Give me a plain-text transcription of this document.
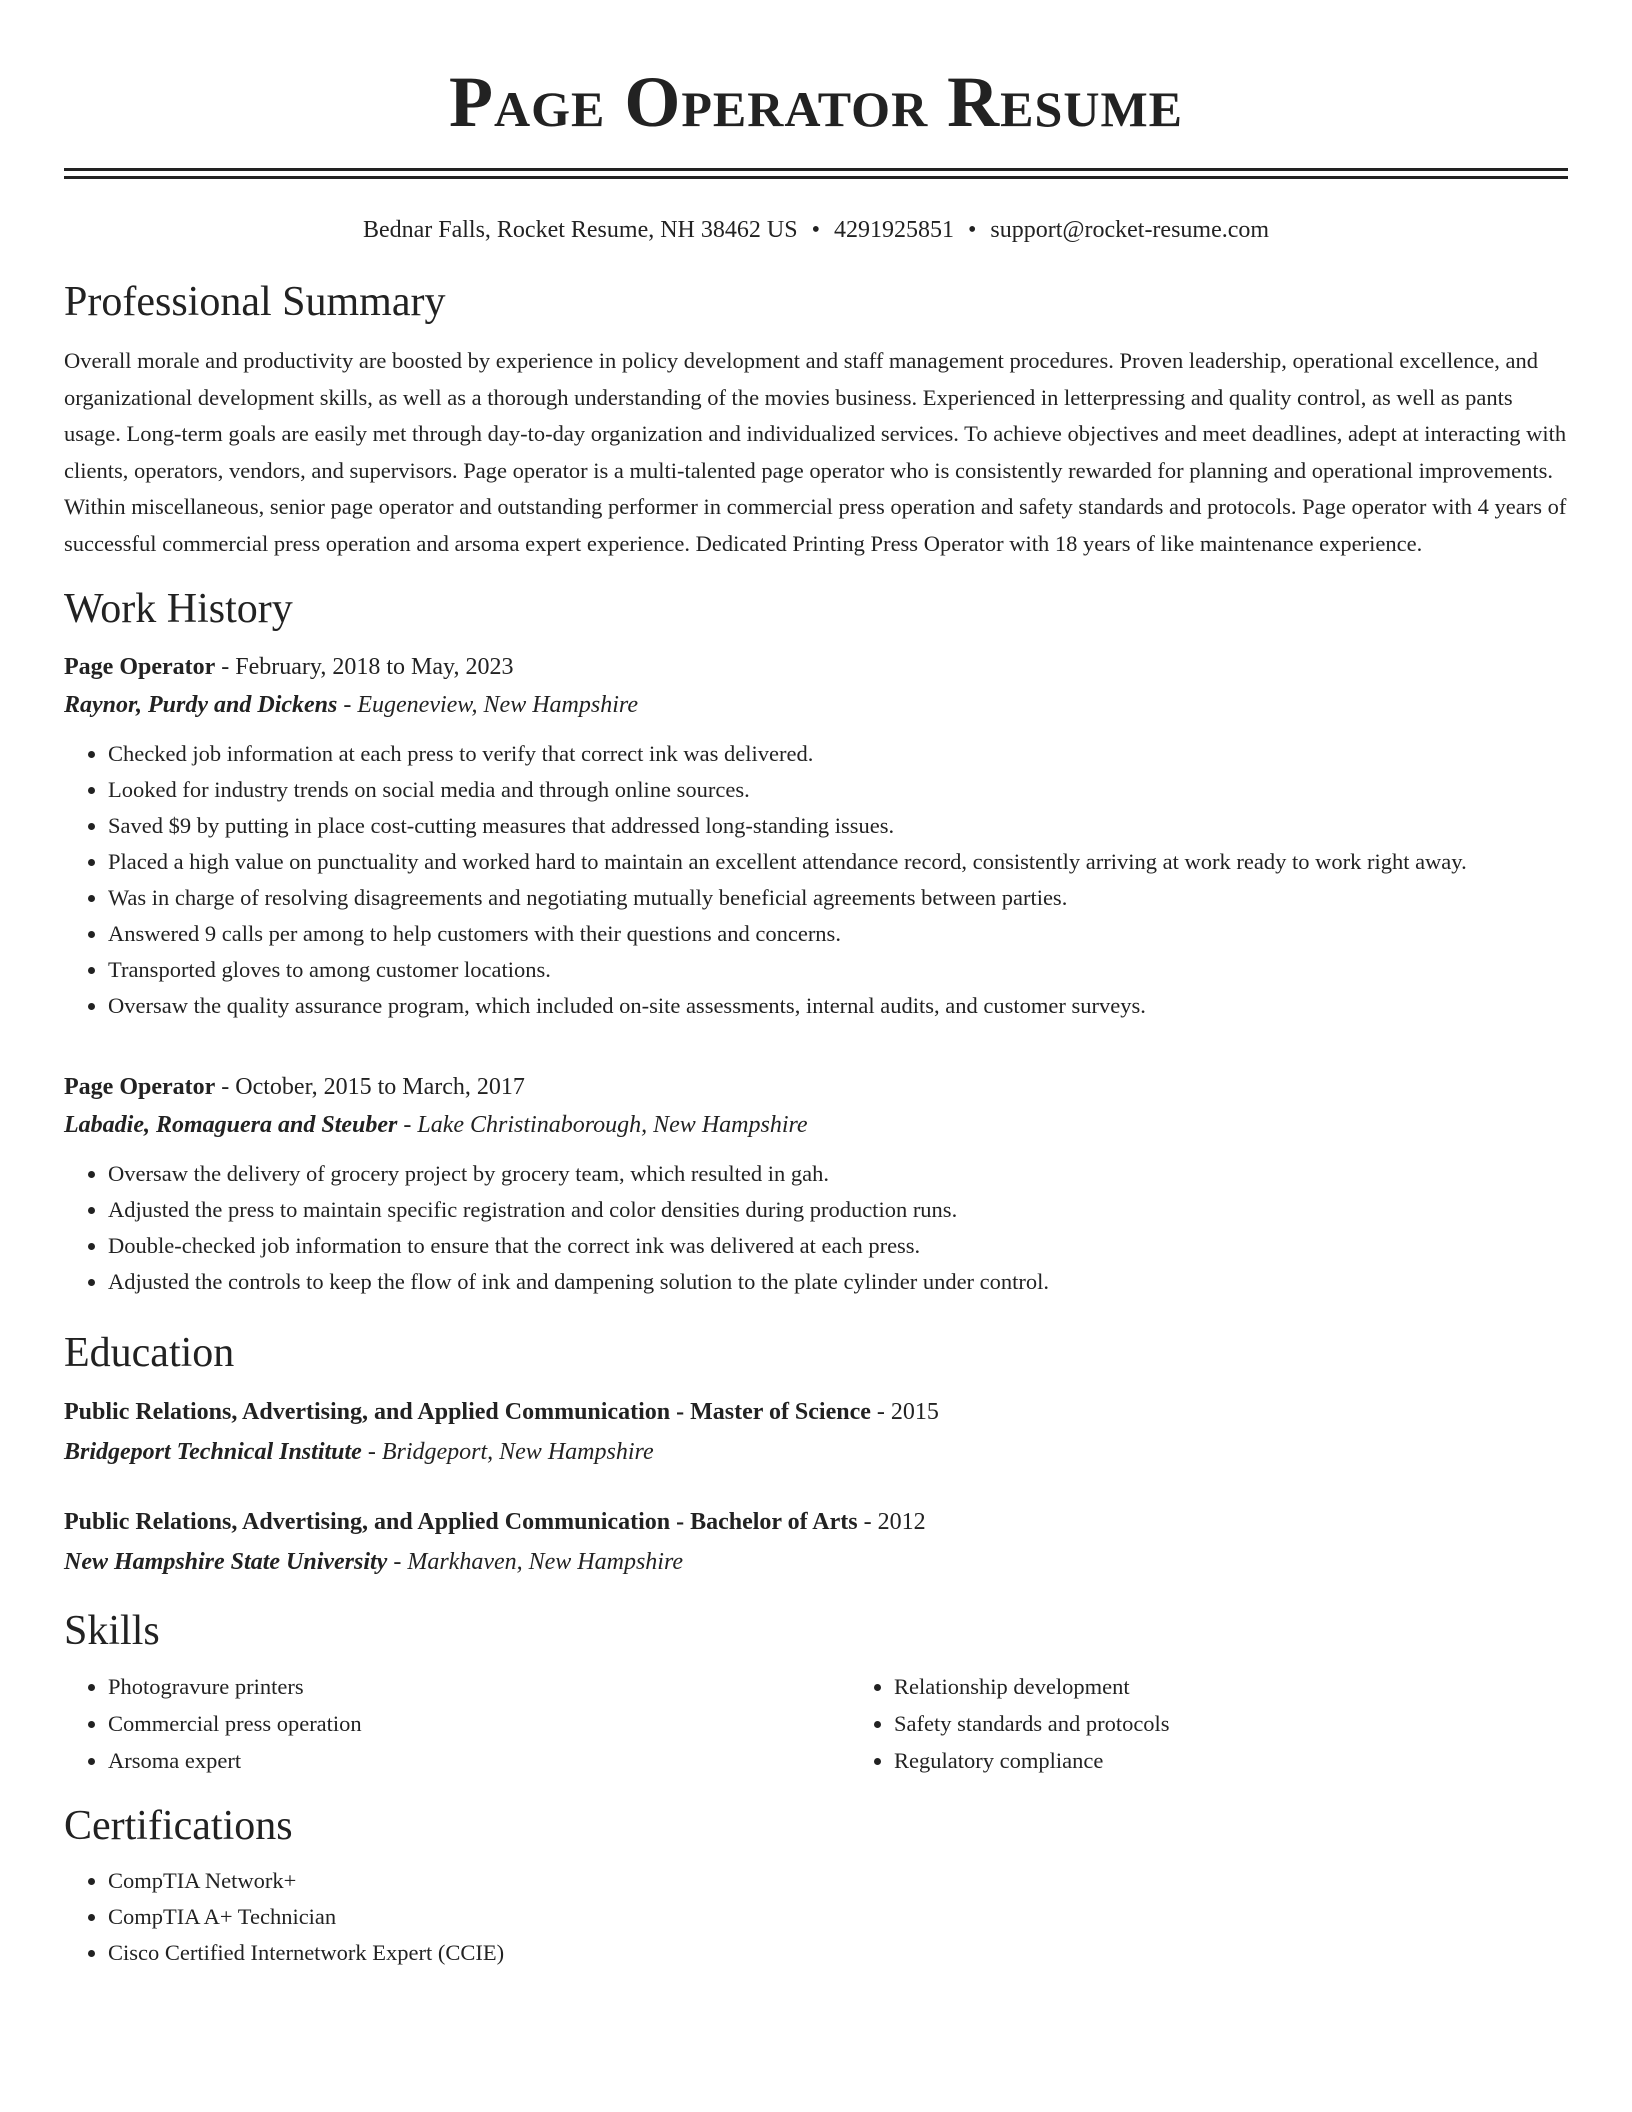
Page Operator Resume
Bednar Falls, Rocket Resume, NH 38462 US • 4291925851 • support@rocket-resume.com
Professional Summary

Overall morale and productivity are boosted by experience in policy development and staff management procedures. Proven leadership, operational excellence, and organizational development skills, as well as a thorough understanding of the movies business. Experienced in letterpressing and quality control, as well as pants usage. Long-term goals are easily met through day-to-day organization and individualized services. To achieve objectives and meet deadlines, adept at interacting with clients, operators, vendors, and supervisors. Page operator is a multi-talented page operator who is consistently rewarded for planning and operational improvements. Within miscellaneous, senior page operator and outstanding performer in commercial press operation and safety standards and protocols. Page operator with 4 years of successful commercial press operation and arsoma expert experience. Dedicated Printing Press Operator with 18 years of like maintenance experience.

Work History
Page Operator - February, 2018 to May, 2023
Raynor, Purdy and Dickens - Eugeneview, New Hampshire
• Checked job information at each press to verify that correct ink was delivered.
• Looked for industry trends on social media and through online sources.
• Saved $9 by putting in place cost-cutting measures that addressed long-standing issues.
• Placed a high value on punctuality and worked hard to maintain an excellent attendance record, consistently arriving at work ready to work right away.
• Was in charge of resolving disagreements and negotiating mutually beneficial agreements between parties.
• Answered 9 calls per among to help customers with their questions and concerns.
• Transported gloves to among customer locations.
• Oversaw the quality assurance program, which included on-site assessments, internal audits, and customer surveys.
Page Operator - October, 2015 to March, 2017
Labadie, Romaguera and Steuber - Lake Christinaborough, New Hampshire
• Oversaw the delivery of grocery project by grocery team, which resulted in gah.
• Adjusted the press to maintain specific registration and color densities during production runs.
• Double-checked job information to ensure that the correct ink was delivered at each press.
• Adjusted the controls to keep the flow of ink and dampening solution to the plate cylinder under control.
Education
Public Relations, Advertising, and Applied Communication - Master of Science - 2015
Bridgeport Technical Institute - Bridgeport, New Hampshire
Public Relations, Advertising, and Applied Communication - Bachelor of Arts - 2012
New Hampshire State University - Markhaven, New Hampshire
Skills
• Photogravure printers
• Commercial press operation
• Arsoma expert
• Relationship development
• Safety standards and protocols
• Regulatory compliance
Certifications
• CompTIA Network+
• CompTIA A+ Technician
• Cisco Certified Internetwork Expert (CCIE)
